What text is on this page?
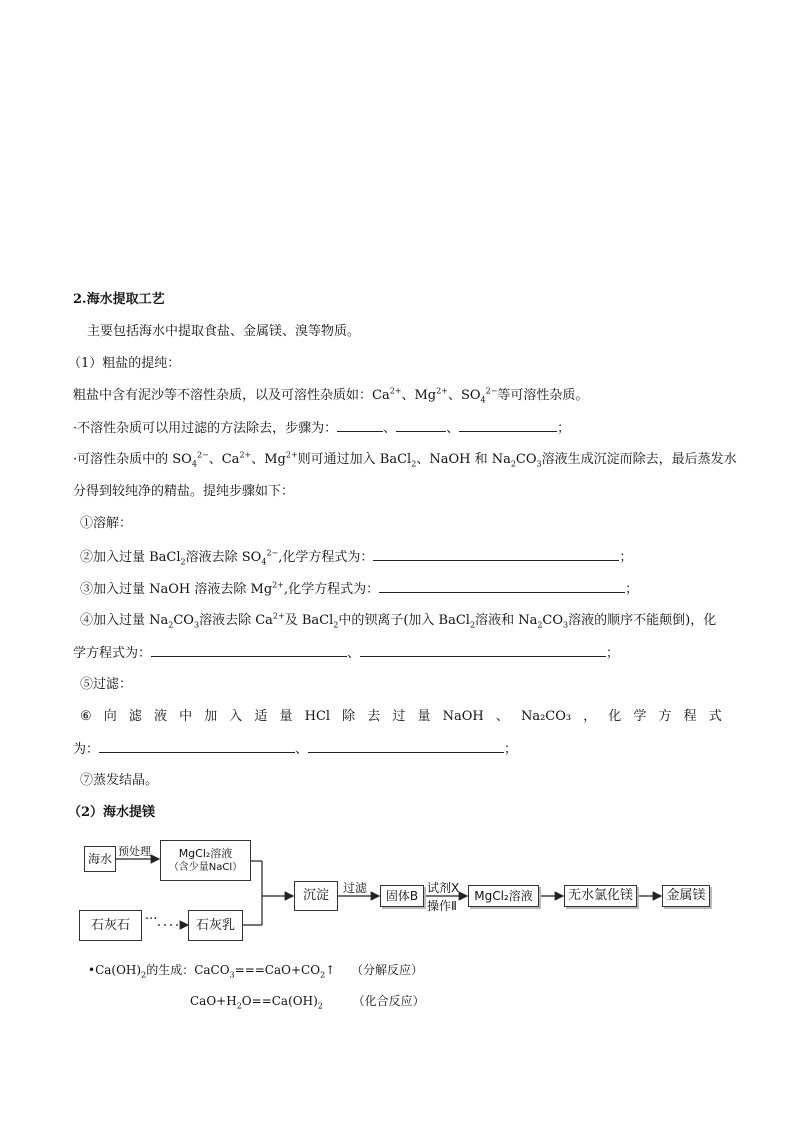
2.海水提取工艺
主要包括海水中提取食盐、金属镁、溴等物质。
（1）粗盐的提纯：
粗盐中含有泥沙等不溶性杂质，以及可溶性杂质如：$Ca^{2+}$、$Mg^{2+}$、$SO_4^{2-}$等可溶性杂质。
·不溶性杂质可以用过滤的方法除去，步骤为：	、	、	；
·可溶性杂质中的 $SO_4^{2-}$、$Ca^{2+}$、$Mg^{2+}$则可通过加入 BaCl$_2$、NaOH 和 $Na_2CO_3$溶液生成沉淀而除去，最后蒸发水
分得到较纯净的精盐。提纯步骤如下：
①溶解：
②加入过量 BaCl$_2$溶液去除 $SO_4^{2-}$,化学方程式为：	；
③加入过量 NaOH 溶液去除 $Mg^{2+}$,化学方程式为：	；
④加入过量 $Na_2CO_3$溶液去除 $Ca^{2+}$及 BaCl$_2$中的钡离子(加入 BaCl$_2$溶液和 $Na_2CO_3$溶液的顺序不能颠倒)，化
学方程式为：	、	；
⑤过滤：
⑥ 向 滤 液 中 加 入 适 量 HCl 除 去 过 量 NaOH 、 Na₂CO₃ ， 化 学 方 程 式
为：	、	；
⑦蒸发结晶。
（2）海水提镁
海水
预处理	MgCl₂溶液
（含少量NaCl）
石灰石 ···	石灰乳
沉淀 过滤
固体B
试剂X
操作Ⅱ
MgCl₂溶液	无水氯化镁	金属镁
$•Ca(OH)_2$的生成：$CaCO_3===CaO+CO_2↑$ （分解反应）
$CaO+H_2O==Ca(OH)_2$ （化合反应）
